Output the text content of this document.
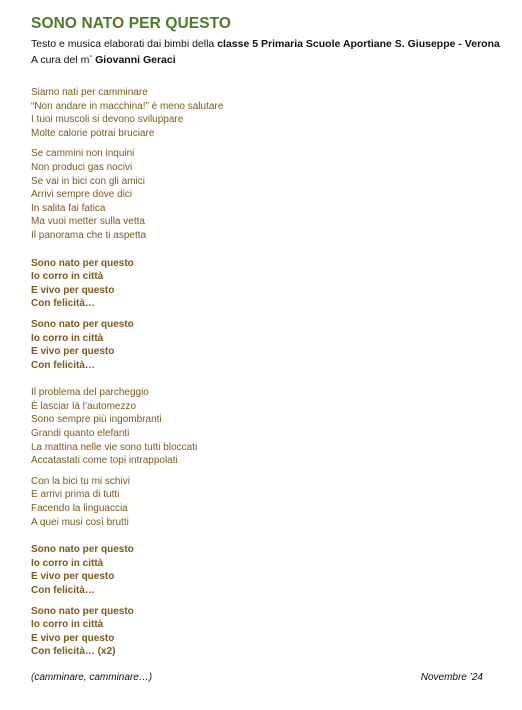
SONO NATO PER QUESTO
Testo e musica elaborati dai bimbi della classe 5 Primaria Scuole Aportiane S. Giuseppe - Verona
A cura del m° Giovanni Geraci
Siamo nati per camminare
“Non andare in macchina!” è meno salutare
I tuoi muscoli si devono sviluppare
Molte calorie potrai bruciare
Se cammini non inquini
Non produci gas nocivi
Se vai in bici con gli amici
Arrivi sempre dove dici
In salita fai fatica
Ma vuoi metter sulla vetta
Il panorama che ti aspetta
Sono nato per questo
Io corro in città
E vivo per questo
Con felicità…
Sono nato per questo
Io corro in città
E vivo per questo
Con felicità…
Il problema del parcheggio
È lasciar là l’automezzo
Sono sempre più ingombranti
Grandi quanto elefanti
La mattina nelle vie sono tutti bloccati
Accatastati come topi intrappolati
Con la bici tu mi schivi
E arrivi prima di tutti
Facendo la linguaccia
A quei musi così brutti
Sono nato per questo
Io corro in città
E vivo per questo
Con felicità…
Sono nato per questo
Io corro in città
E vivo per questo
Con felicità… (x2)
(camminare, camminare…)	Novembre ’24
